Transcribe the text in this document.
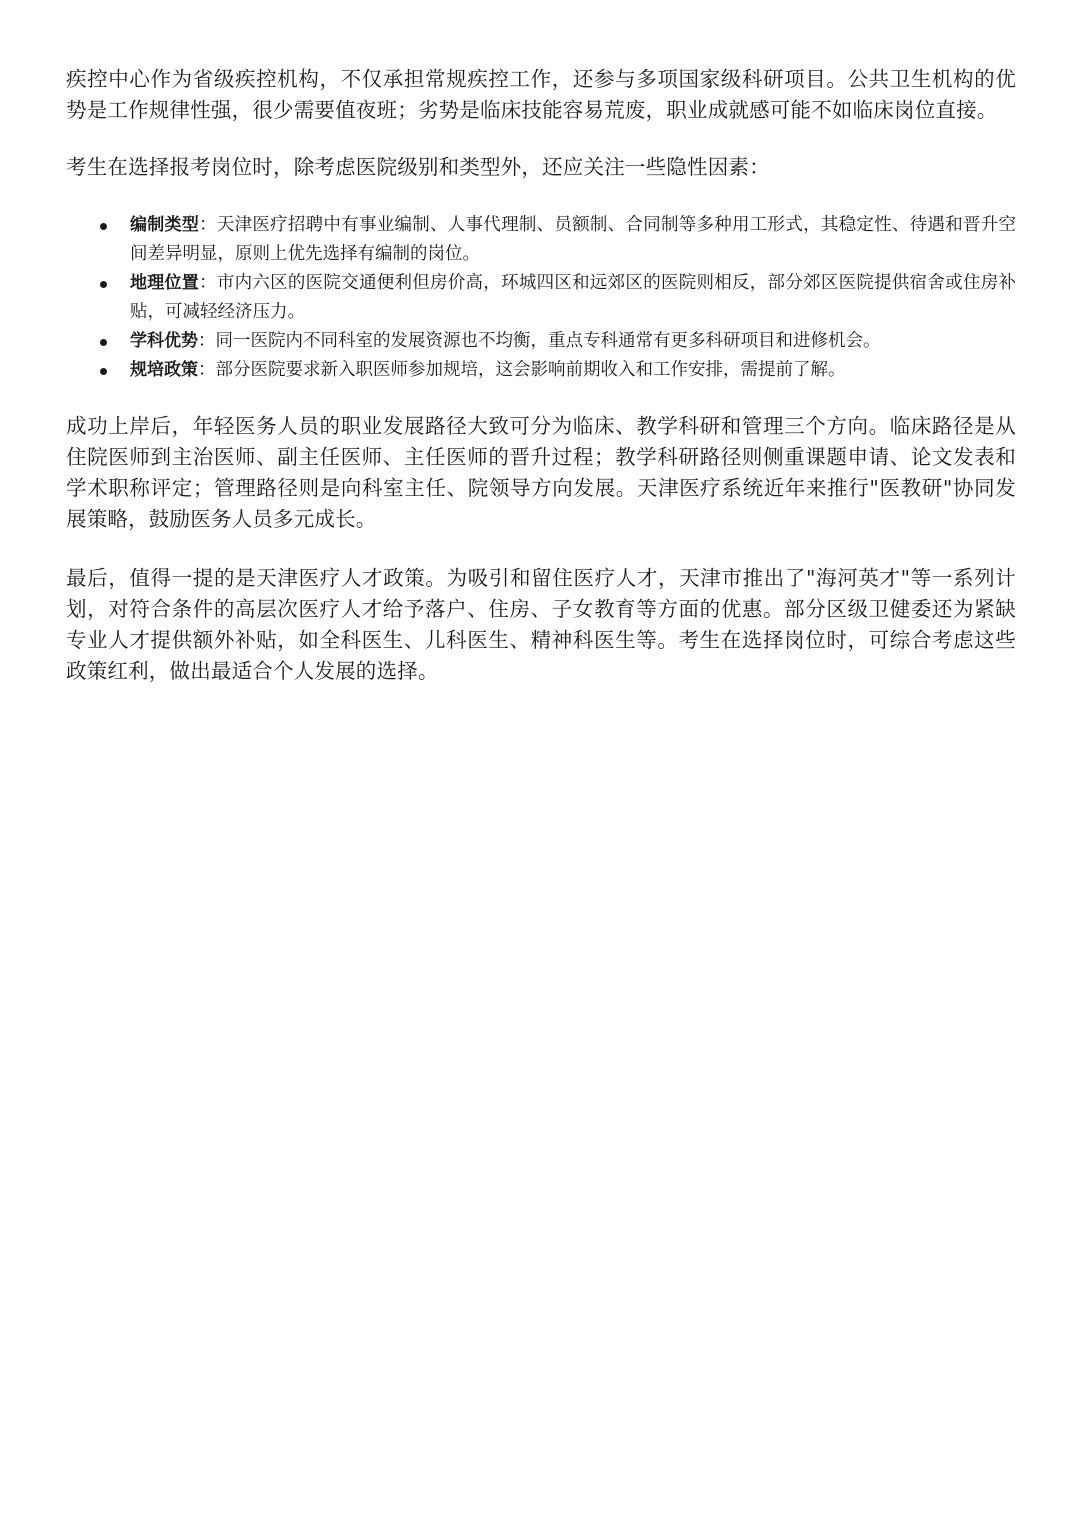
疾控中心作为省级疾控机构，不仅承担常规疾控工作，还参与多项国家级科研项目。公共卫生机构的优势是工作规律性强，很少需要值夜班；劣势是临床技能容易荒废，职业成就感可能不如临床岗位直接。

考生在选择报考岗位时，除考虑医院级别和类型外，还应关注一些隐性因素：

编制类型：天津医疗招聘中有事业编制、人事代理制、员额制、合同制等多种用工形式，其稳定性、待遇和晋升空间差异明显，原则上优先选择有编制的岗位。
地理位置：市内六区的医院交通便利但房价高，环城四区和远郊区的医院则相反，部分郊区医院提供宿舍或住房补贴，可减轻经济压力。
学科优势：同一医院内不同科室的发展资源也不均衡，重点专科通常有更多科研项目和进修机会。
规培政策：部分医院要求新入职医师参加规培，这会影响前期收入和工作安排，需提前了解。

成功上岸后，年轻医务人员的职业发展路径大致可分为临床、教学科研和管理三个方向。临床路径是从住院医师到主治医师、副主任医师、主任医师的晋升过程；教学科研路径则侧重课题申请、论文发表和学术职称评定；管理路径则是向科室主任、院领导方向发展。天津医疗系统近年来推行"医教研"协同发展策略，鼓励医务人员多元成长。

最后，值得一提的是天津医疗人才政策。为吸引和留住医疗人才，天津市推出了"海河英才"等一系列计划，对符合条件的高层次医疗人才给予落户、住房、子女教育等方面的优惠。部分区级卫健委还为紧缺专业人才提供额外补贴，如全科医生、儿科医生、精神科医生等。考生在选择岗位时，可综合考虑这些政策红利，做出最适合个人发展的选择。
